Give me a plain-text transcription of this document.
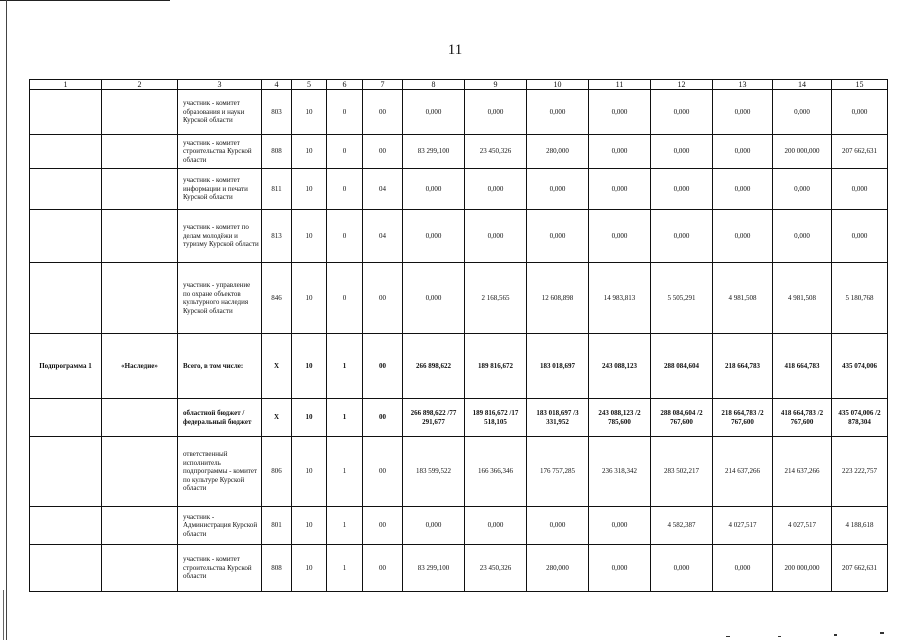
11
1	2	3	4	5	6	7	8	9	10	11	12	13	14	15
		участник - комитет образования и науки Курской области	803	10	0	00	0,000	0,000	0,000	0,000	0,000	0,000	0,000	0,000
		участник - комитет строительства Курской области	808	10	0	00	83 299,100	23 450,326	280,000	0,000	0,000	0,000	200 000,000	207 662,631
		участник - комитет информации и печати Курской области	811	10	0	04	0,000	0,000	0,000	0,000	0,000	0,000	0,000	0,000
		участник - комитет по делам молодёжи и туризму Курской области	813	10	0	04	0,000	0,000	0,000	0,000	0,000	0,000	0,000	0,000
		участник - управление по охране объектов культурного наследия Курской области	846	10	0	00	0,000	2 168,565	12 608,898	14 983,813	5 505,291	4 981,508	4 981,508	5 180,768
Подпрограмма 1	«Наследие»	Всего, в том числе:	Х	10	1	00	266 898,622	189 816,672	183 018,697	243 088,123	288 084,604	218 664,783	418 664,783	435 074,006
		областной бюджет /федеральный бюджет	Х	10	1	00	266 898,622 /77 291,677	189 816,672 /17 518,105	183 018,697 /3 331,952	243 088,123 /2 785,600	288 084,604 /2 767,600	218 664,783 /2 767,600	418 664,783 /2 767,600	435 074,006 /2 878,304
		ответственный исполнитель подпрограммы - комитет по культуре Курской области	806	10	1	00	183 599,522	166 366,346	176 757,285	236 318,342	283 502,217	214 637,266	214 637,266	223 222,757
		участник - Администрация Курской области	801	10	1	00	0,000	0,000	0,000	0,000	4 582,387	4 027,517	4 027,517	4 188,618
		участник - комитет строительства Курской области	808	10	1	00	83 299,100	23 450,326	280,000	0,000	0,000	0,000	200 000,000	207 662,631
